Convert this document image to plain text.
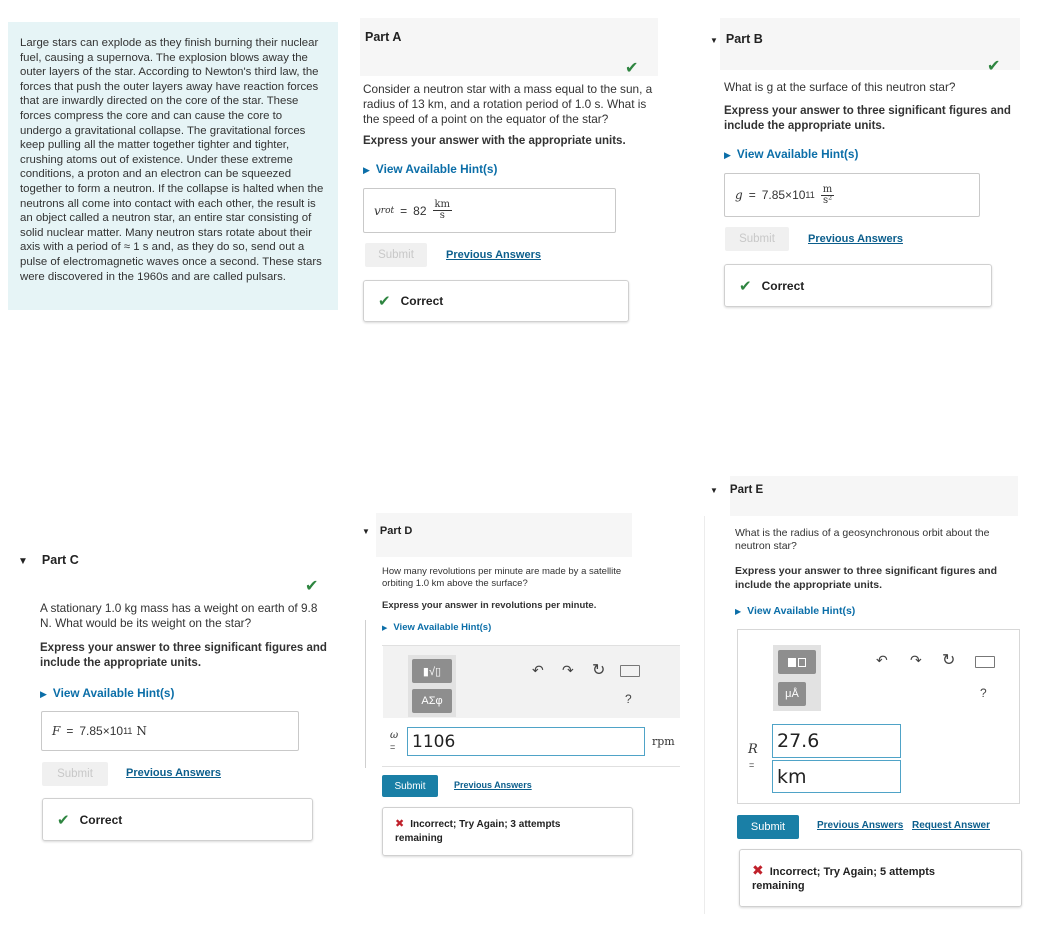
Large stars can explode as they finish burning their nuclear fuel, causing a supernova. The explosion blows away the outer layers of the star. According to Newton's third law, the forces that push the outer layers away have reaction forces that are inwardly directed on the core of the star. These forces compress the core and can cause the core to undergo a gravitational collapse. The gravitational forces keep pulling all the matter together tighter and tighter, crushing atoms out of existence. Under these extreme conditions, a proton and an electron can be squeezed together to form a neutron. If the collapse is halted when the neutrons all come into contact with each other, the result is an object called a neutron star, an entire star consisting of solid nuclear matter. Many neutron stars rotate about their axis with a period of ≈ 1 s and, as they do so, send out a pulse of electromagnetic waves once a second. These stars were discovered in the 1960s and are called pulsars.
Part A
✔
Consider a neutron star with a mass equal to the sun, a radius of 13 km, and a rotation period of 1.0 s. What is the speed of a point on the equator of the star?
Express your answer with the appropriate units.
▶ View Available Hint(s)
v rot = $82 \frac{km}{s}$
Submit	Previous Answers
✔ Correct
▼ Part B
✔
What is g at the surface of this neutron star?
Express your answer to three significant figures and include the appropriate units.
▶ View Available Hint(s)
g = 7.85×10 $11 \frac{m}{\text{s²}}$
Submit	Previous Answers
✔ Correct
▼ Part C
✔
A stationary 1.0 kg mass has a weight on earth of 9.8 N. What would be its weight on the star?
Express your answer to three significant figures and include the appropriate units.
▶ View Available Hint(s)
F = 7.85×10 11 N
Submit	Previous Answers
✔ Correct
▼ Part D
How many revolutions per minute are made by a satellite orbiting 1.0 km above the surface?
Express your answer in revolutions per minute.
▶ View Available Hint(s)
▮√▯
ΑΣφ
↶ ↷ ↻
?
ω
= 1106	rpm
Submit	Previous Answers
✖ Incorrect; Try Again; 3 attempts
remaining
▼ Part E
What is the radius of a geosynchronous orbit about the neutron star?
Express your answer to three significant figures and include the appropriate units.
▶ View Available Hint(s)
μÅ
↶ ↷ ↻
?
R
=
27.6
km
Submit	Previous Answers Request Answer
✖ Incorrect; Try Again; 5 attempts
remaining
